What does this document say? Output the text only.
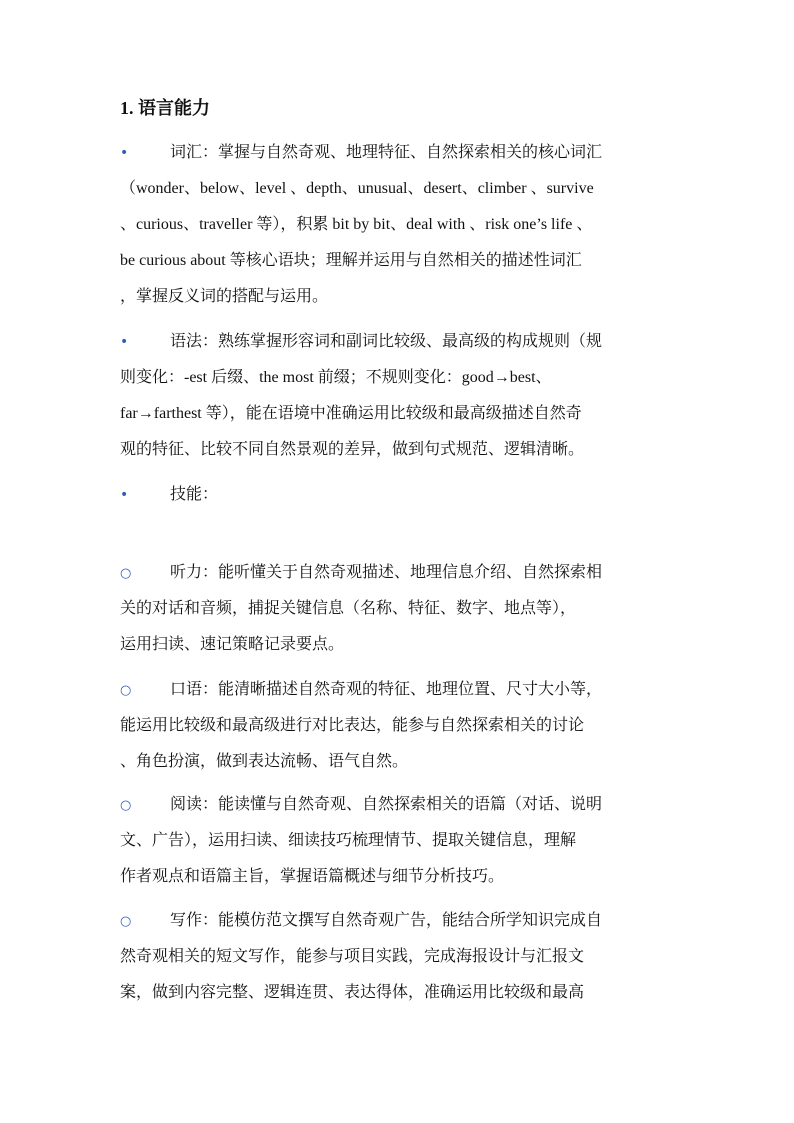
1. 语言能力
•	词汇：掌握与自然奇观、地理特征、自然探索相关的核心词汇
（wonder、below、level 、depth、unusual、desert、climber 、survive
、curious、traveller 等），积累 bit by bit、deal with 、risk one’s life 、
be curious about 等核心语块；理解并运用与自然相关的描述性词汇
，掌握反义词的搭配与运用。
•	语法：熟练掌握形容词和副词比较级、最高级的构成规则（规
则变化：-est 后缀、the most 前缀；不规则变化：good→best、
far→farthest 等），能在语境中准确运用比较级和最高级描述自然奇
观的特征、比较不同自然景观的差异，做到句式规范、逻辑清晰。
•	技能：
○ 听力：能听懂关于自然奇观描述、地理信息介绍、自然探索相
关的对话和音频，捕捉关键信息（名称、特征、数字、地点等），
运用扫读、速记策略记录要点。
○ 口语：能清晰描述自然奇观的特征、地理位置、尺寸大小等，
能运用比较级和最高级进行对比表达，能参与自然探索相关的讨论
、角色扮演，做到表达流畅、语气自然。
○ 阅读：能读懂与自然奇观、自然探索相关的语篇（对话、说明
文、广告），运用扫读、细读技巧梳理情节、提取关键信息，理解
作者观点和语篇主旨，掌握语篇概述与细节分析技巧。
○ 写作：能模仿范文撰写自然奇观广告，能结合所学知识完成自
然奇观相关的短文写作，能参与项目实践，完成海报设计与汇报文
案，做到内容完整、逻辑连贯、表达得体，准确运用比较级和最高
